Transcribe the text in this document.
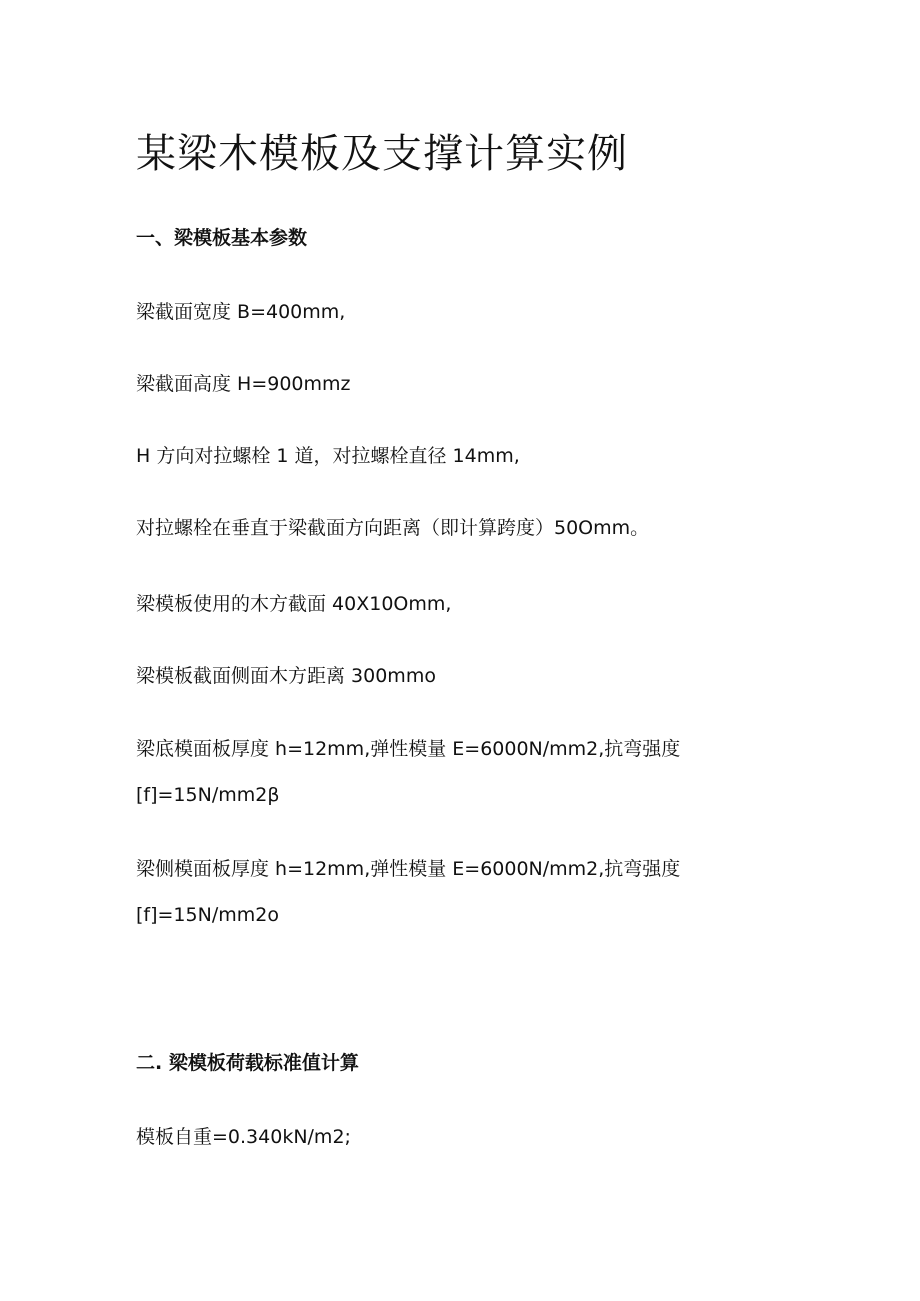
某梁木模板及支撑计算实例
一、梁模板基本参数

梁截面宽度 B=400mm,

梁截面高度 H=900mmz

H 方向对拉螺栓 1 道，对拉螺栓直径 14mm,

对拉螺栓在垂直于梁截面方向距离（即计算跨度）50Omm。

梁模板使用的木方截面 40X10Omm,

梁模板截面侧面木方距离 300mmo

梁底模面板厚度 h=12mm,弹性模量 E=6000N∕mm2,抗弯强度

[f]=15N∕mm2β

梁侧模面板厚度 h=12mm,弹性模量 E=6000N∕mm2,抗弯强度

[f]=15N∕mm2o

二. 梁模板荷载标准值计算

模板自重=0.340kN∕m2;
